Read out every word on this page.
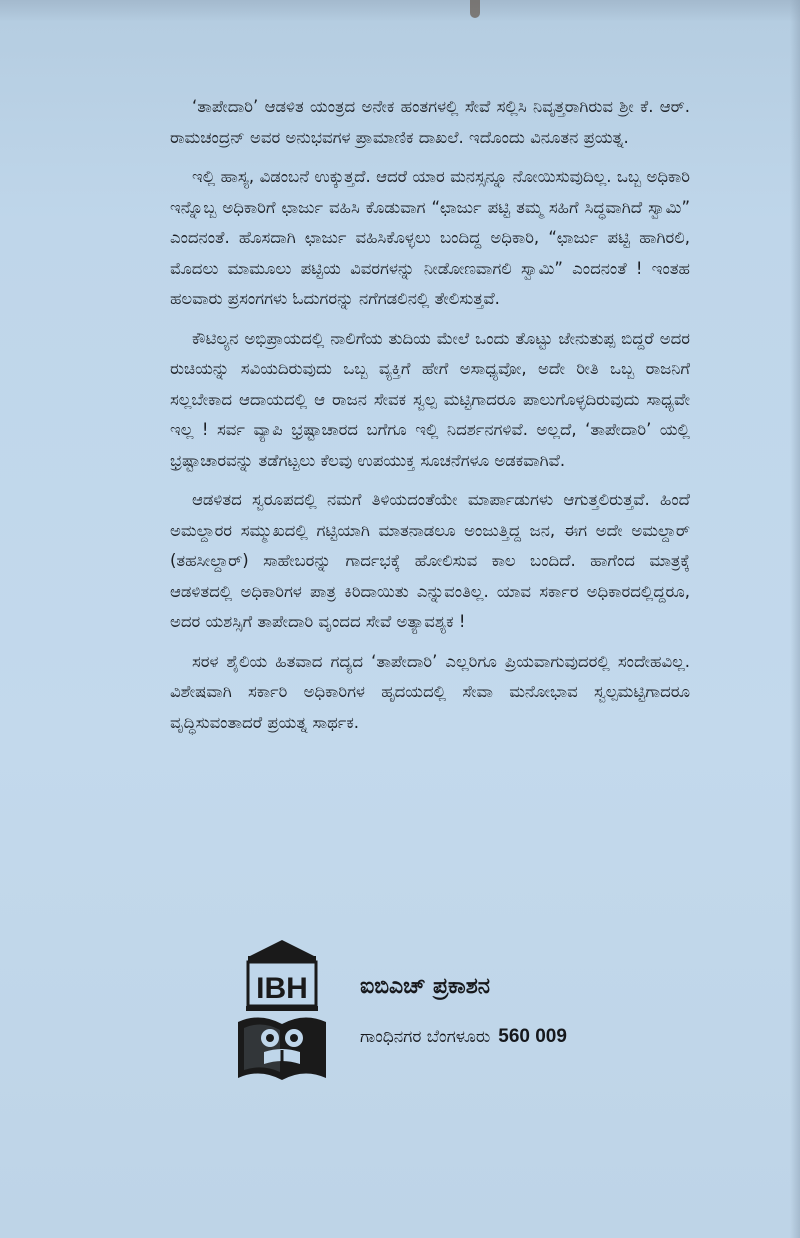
‘ತಾಪೇದಾರಿ’ ಆಡಳಿತ ಯಂತ್ರದ ಅನೇಕ ಹಂತಗಳಲ್ಲಿ ಸೇವೆ ಸಲ್ಲಿಸಿ ನಿವೃತ್ತರಾಗಿರುವ ಶ್ರೀ ಕೆ. ಆರ್. ರಾಮಚಂದ್ರನ್ ಅವರ ಅನುಭವಗಳ ಪ್ರಾಮಾಣಿಕ ದಾಖಲೆ. ಇದೊಂದು ವಿನೂತನ ಪ್ರಯತ್ನ.

ಇಲ್ಲಿ ಹಾಸ್ಯ, ವಿಡಂಬನೆ ಉಕ್ಕುತ್ತದೆ. ಆದರೆ ಯಾರ ಮನಸ್ಸನ್ನೂ ನೋಯಿಸುವುದಿಲ್ಲ. ಒಬ್ಬ ಅಧಿಕಾರಿ ಇನ್ನೊಬ್ಬ ಅಧಿಕಾರಿಗೆ ಛಾರ್ಜು ವಹಿಸಿ ಕೊಡುವಾಗ “ಛಾರ್ಜು ಪಟ್ಟಿ ತಮ್ಮ ಸಹಿಗೆ ಸಿದ್ಧವಾಗಿದೆ ಸ್ವಾಮಿ” ಎಂದನಂತೆ. ಹೊಸದಾಗಿ ಛಾರ್ಜು ವಹಿಸಿಕೊಳ್ಳಲು ಬಂದಿದ್ದ ಅಧಿಕಾರಿ, “ಛಾರ್ಜು ಪಟ್ಟಿ ಹಾಗಿರಲಿ, ಮೊದಲು ಮಾಮೂಲು ಪಟ್ಟಿಯ ವಿವರಗಳನ್ನು ನೀಡೋಣವಾಗಲಿ ಸ್ವಾಮಿ” ಎಂದನಂತೆ ! ಇಂತಹ ಹಲವಾರು ಪ್ರಸಂಗಗಳು ಓದುಗರನ್ನು ನಗೆಗಡಲಿನಲ್ಲಿ ತೇಲಿಸುತ್ತವೆ.

ಕೌಟಿಲ್ಯನ ಅಭಿಪ್ರಾಯದಲ್ಲಿ ನಾಲಿಗೆಯ ತುದಿಯ ಮೇಲೆ ಒಂದು ತೊಟ್ಟು ಜೇನುತುಪ್ಪ ಬಿದ್ದರೆ ಅದರ ರುಚಿಯನ್ನು ಸವಿಯದಿರುವುದು ಒಬ್ಬ ವ್ಯಕ್ತಿಗೆ ಹೇಗೆ ಅಸಾಧ್ಯವೋ, ಅದೇ ರೀತಿ ಒಬ್ಬ ರಾಜನಿಗೆ ಸಲ್ಲಬೇಕಾದ ಆದಾಯದಲ್ಲಿ ಆ ರಾಜನ ಸೇವಕ ಸ್ವಲ್ಪ ಮಟ್ಟಿಗಾದರೂ ಪಾಲುಗೊಳ್ಳದಿರುವುದು ಸಾಧ್ಯವೇ ಇಲ್ಲ ! ಸರ್ವ ವ್ಯಾಪಿ ಭ್ರಷ್ಟಾಚಾರದ ಬಗೆಗೂ ಇಲ್ಲಿ ನಿದರ್ಶನಗಳಿವೆ. ಅಲ್ಲದೆ, ‘ತಾಪೇದಾರಿ’ ಯಲ್ಲಿ ಭ್ರಷ್ಟಾಚಾರವನ್ನು ತಡೆಗಟ್ಟಲು ಕೆಲವು ಉಪಯುಕ್ತ ಸೂಚನೆಗಳೂ ಅಡಕವಾಗಿವೆ.

ಆಡಳಿತದ ಸ್ವರೂಪದಲ್ಲಿ ನಮಗೆ ತಿಳಿಯದಂತೆಯೇ ಮಾರ್ಪಾಡುಗಳು ಆಗುತ್ತಲಿರುತ್ತವೆ. ಹಿಂದೆ ಅಮಲ್ದಾರರ ಸಮ್ಮುಖದಲ್ಲಿ ಗಟ್ಟಿಯಾಗಿ ಮಾತನಾಡಲೂ ಅಂಜುತ್ತಿದ್ದ ಜನ, ಈಗ ಅದೇ ಅಮಲ್ದಾರ್ (ತಹಸೀಲ್ದಾರ್) ಸಾಹೇಬರನ್ನು ಗಾರ್ದಭಕ್ಕೆ ಹೋಲಿಸುವ ಕಾಲ ಬಂದಿದೆ. ಹಾಗೆಂದ ಮಾತ್ರಕ್ಕೆ ಆಡಳಿತದಲ್ಲಿ ಅಧಿಕಾರಿಗಳ ಪಾತ್ರ ಕಿರಿದಾಯಿತು ಎನ್ನುವಂತಿಲ್ಲ. ಯಾವ ಸರ್ಕಾರ ಅಧಿಕಾರದಲ್ಲಿದ್ದರೂ, ಅದರ ಯಶಸ್ಸಿಗೆ ತಾಪೇದಾರಿ ವೃಂದದ ಸೇವೆ ಅತ್ಯಾವಶ್ಯಕ !

ಸರಳ ಶೈಲಿಯ ಹಿತವಾದ ಗದ್ಯದ ‘ತಾಪೇದಾರಿ’ ಎಲ್ಲರಿಗೂ ಪ್ರಿಯವಾಗುವುದರಲ್ಲಿ ಸಂದೇಹವಿಲ್ಲ. ವಿಶೇಷವಾಗಿ ಸರ್ಕಾರಿ ಅಧಿಕಾರಿಗಳ ಹೃದಯದಲ್ಲಿ ಸೇವಾ ಮನೋಭಾವ ಸ್ವಲ್ಪಮಟ್ಟಿಗಾದರೂ ವೃದ್ಧಿಸುವಂತಾದರೆ ಪ್ರಯತ್ನ ಸಾರ್ಥಕ.

IBH ಐಬಿಎಚ್ ಪ್ರಕಾಶನ
ಗಾಂಧಿನಗರ ಬೆಂಗಳೂರು 560 009
